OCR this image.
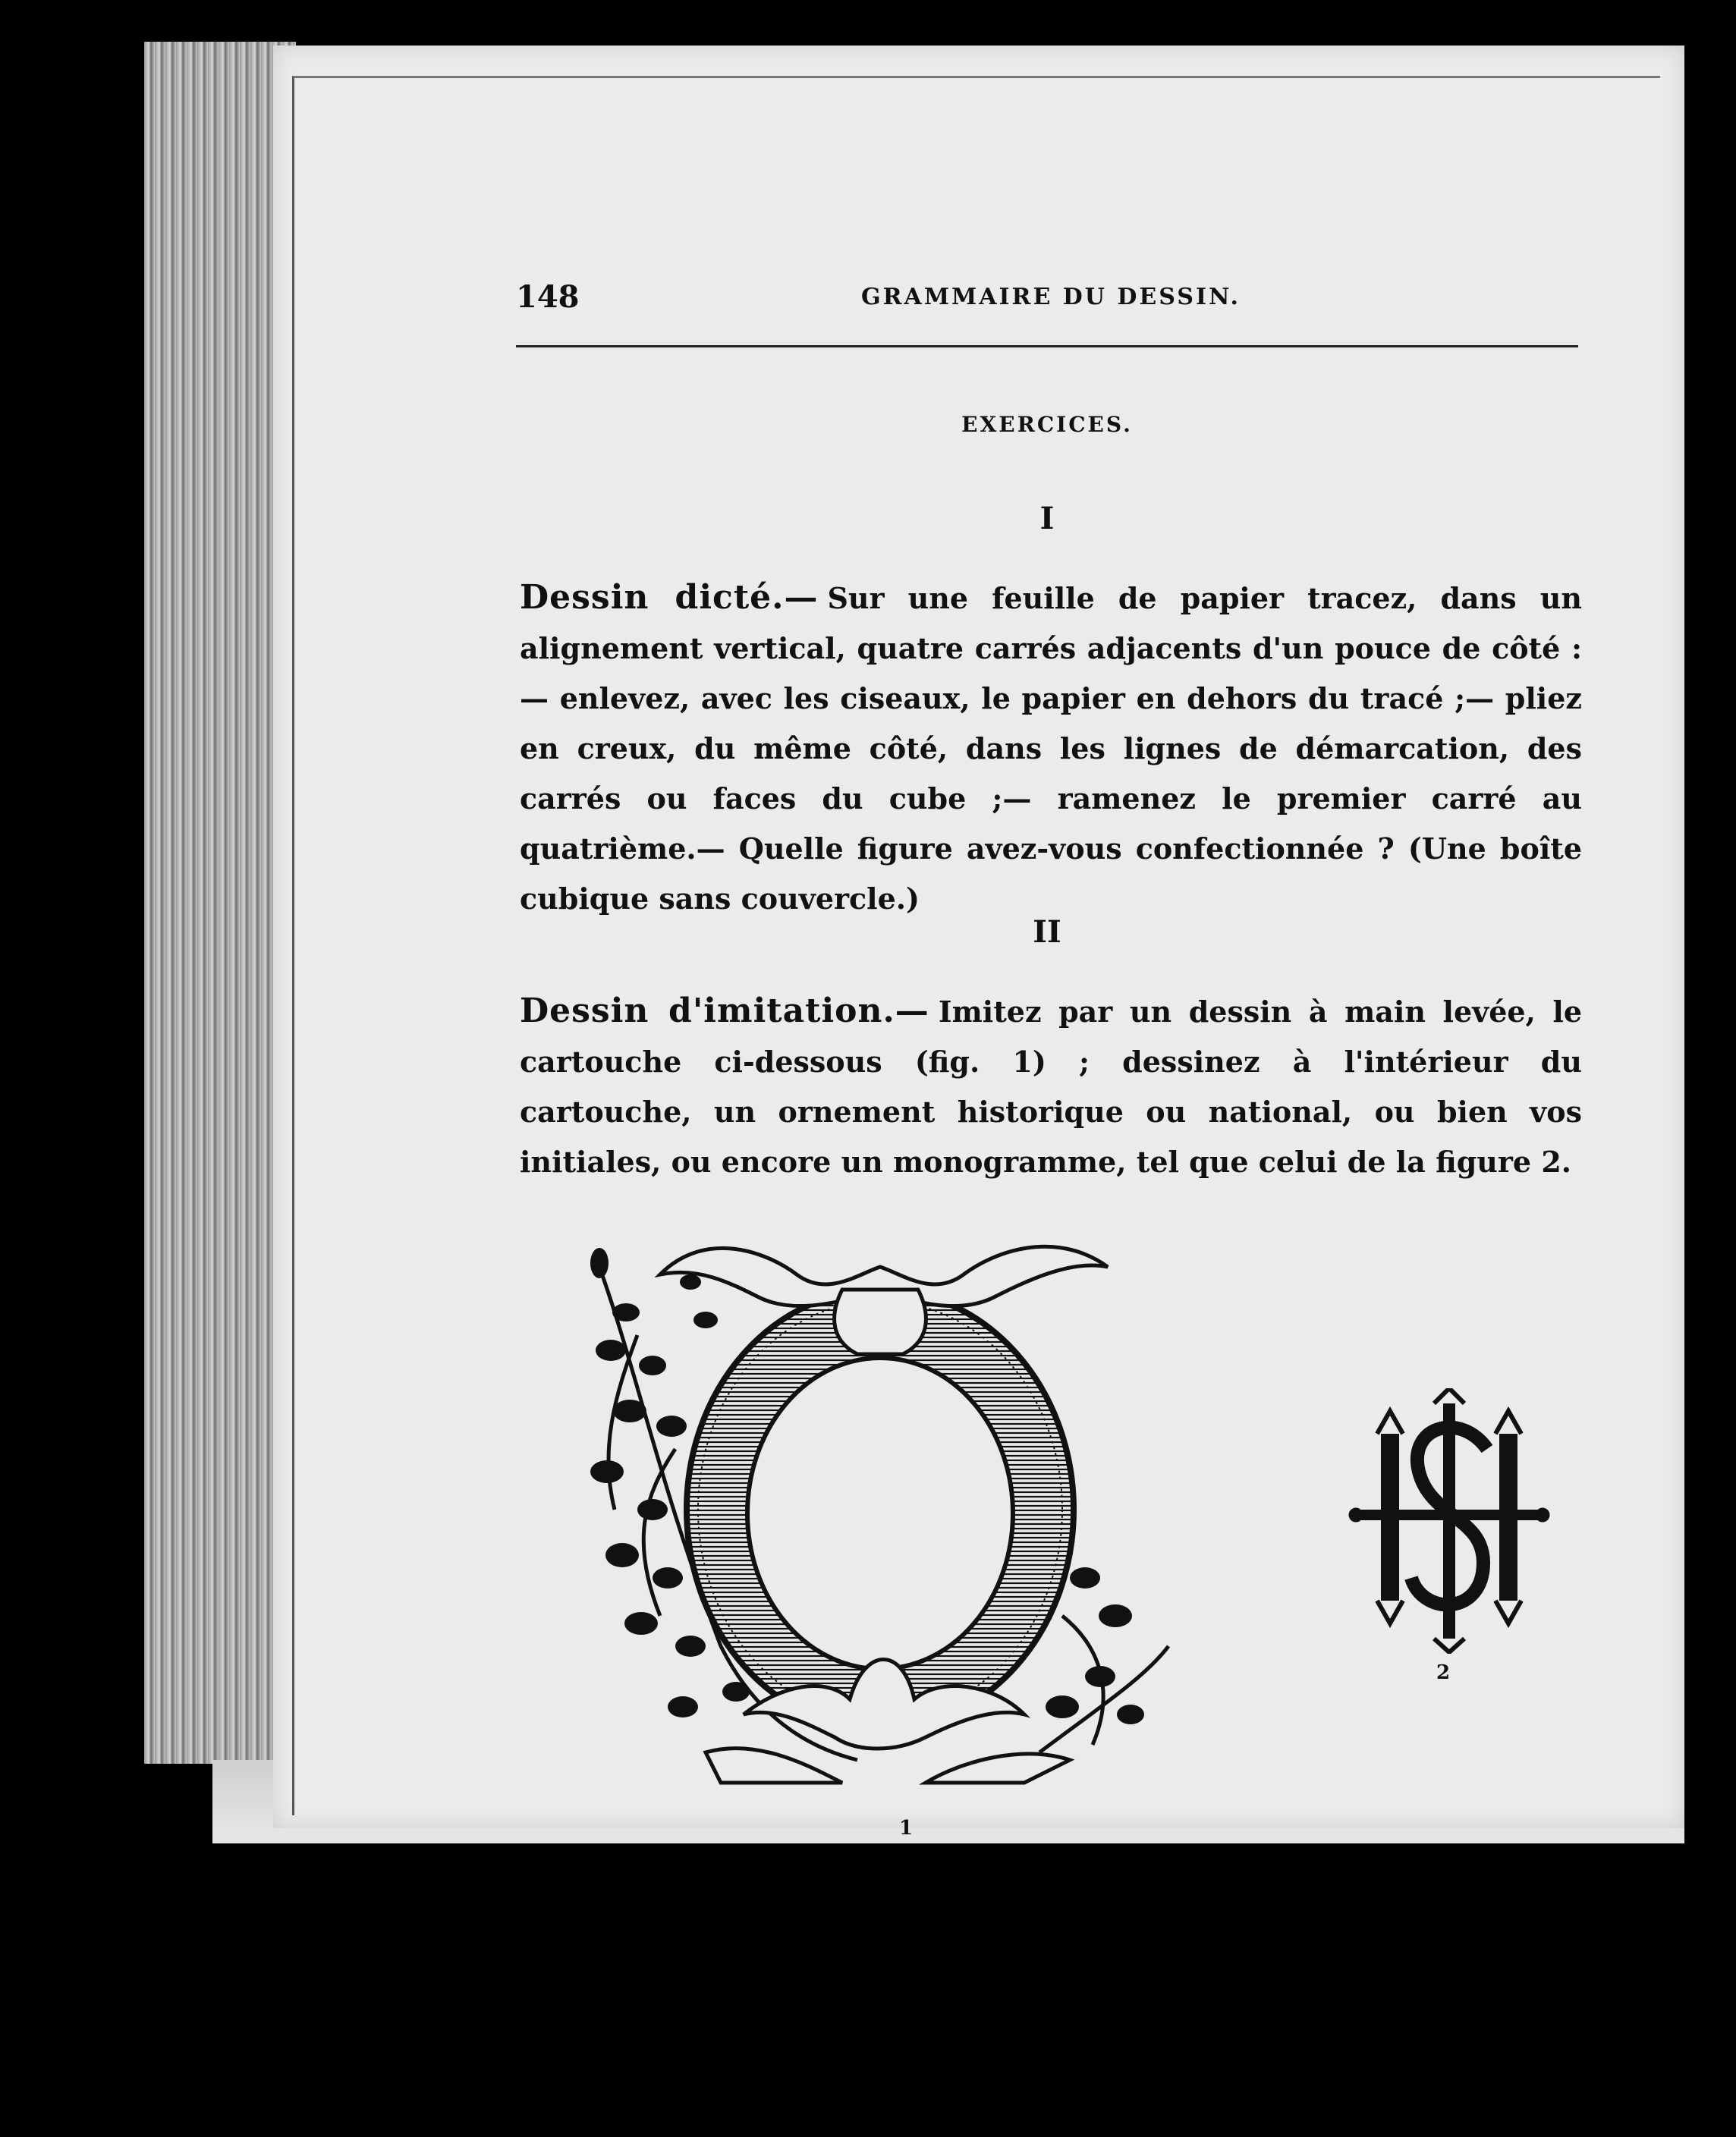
148	GRAMMAIRE DU DESSIN.
EXERCICES.
I
Dessin dicté.— Sur une feuille de papier tracez, dans un alignement vertical, quatre carrés adjacents d'un pouce de côté :— enlevez, avec les ciseaux, le papier en dehors du tracé ;— pliez en creux, du même côté, dans les lignes de démarcation, des carrés ou faces du cube ;— ramenez le premier carré au quatrième.— Quelle figure avez-vous confectionnée ? (Une boîte cubique sans couvercle.)
II
Dessin d'imitation.— Imitez par un dessin à main levée, le cartouche ci-dessous (fig. 1) ; dessinez à l'intérieur du cartouche, un ornement historique ou national, ou bien vos initiales, ou encore un monogramme, tel que celui de la figure 2.
1
2
